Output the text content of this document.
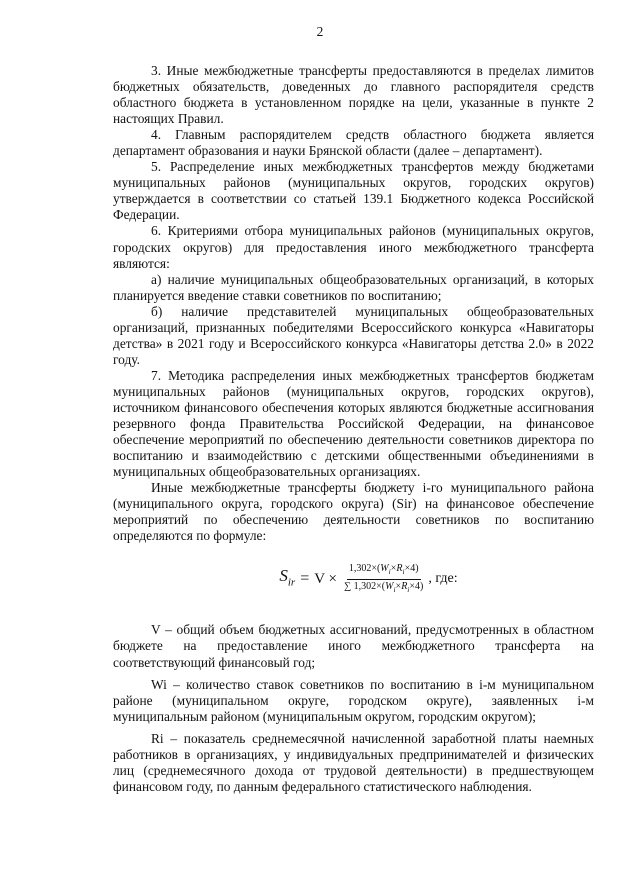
2

3. Иные межбюджетные трансферты предоставляются в пределах лимитов бюджетных обязательств, доведенных до главного распорядителя средств областного бюджета в установленном порядке на цели, указанные в пункте 2 настоящих Правил.

4. Главным распорядителем средств областного бюджета является департамент образования и науки Брянской области (далее – департамент).

5. Распределение иных межбюджетных трансфертов между бюджетами муниципальных районов (муниципальных округов, городских округов) утверждается в соответствии со статьей 139.1 Бюджетного кодекса Российской Федерации.

6. Критериями отбора муниципальных районов (муниципальных округов, городских округов) для предоставления иного межбюджетного трансферта являются:

а) наличие муниципальных общеобразовательных организаций, в которых планируется введение ставки советников по воспитанию;

б) наличие представителей муниципальных общеобразовательных организаций, признанных победителями Всероссийского конкурса «Навигаторы детства» в 2021 году и Всероссийского конкурса «Навигаторы детства 2.0» в 2022 году.

7. Методика распределения иных межбюджетных трансфертов бюджетам муниципальных районов (муниципальных округов, городских округов), источником финансового обеспечения которых являются бюджетные ассигнования резервного фонда Правительства Российской Федерации, на финансовое обеспечение мероприятий по обеспечению деятельности советников директора по воспитанию и взаимодействию с детскими общественными объединениями в муниципальных общеобразовательных организациях.

Иные межбюджетные трансферты бюджету i-го муниципального района (муниципального округа, городского округа) (Sir) на финансовое обеспечение мероприятий по обеспечению деятельности советников по воспитанию определяются по формуле:

$S_{ir} = V \times \frac{1,302\times(W_i\times R_i\times 4)}{\sum 1,302\times(W_i\times R_i\times 4)}$ , где:

V – общий объем бюджетных ассигнований, предусмотренных в областном бюджете на предоставление иного межбюджетного трансферта на соответствующий финансовый год;

Wi – количество ставок советников по воспитанию в i-м муниципальном районе (муниципальном округе, городском округе), заявленных i-м муниципальным районом (муниципальным округом, городским округом);

Ri – показатель среднемесячной начисленной заработной платы наемных работников в организациях, у индивидуальных предпринимателей и физических лиц (среднемесячного дохода от трудовой деятельности) в предшествующем финансовом году, по данным федерального статистического наблюдения.
